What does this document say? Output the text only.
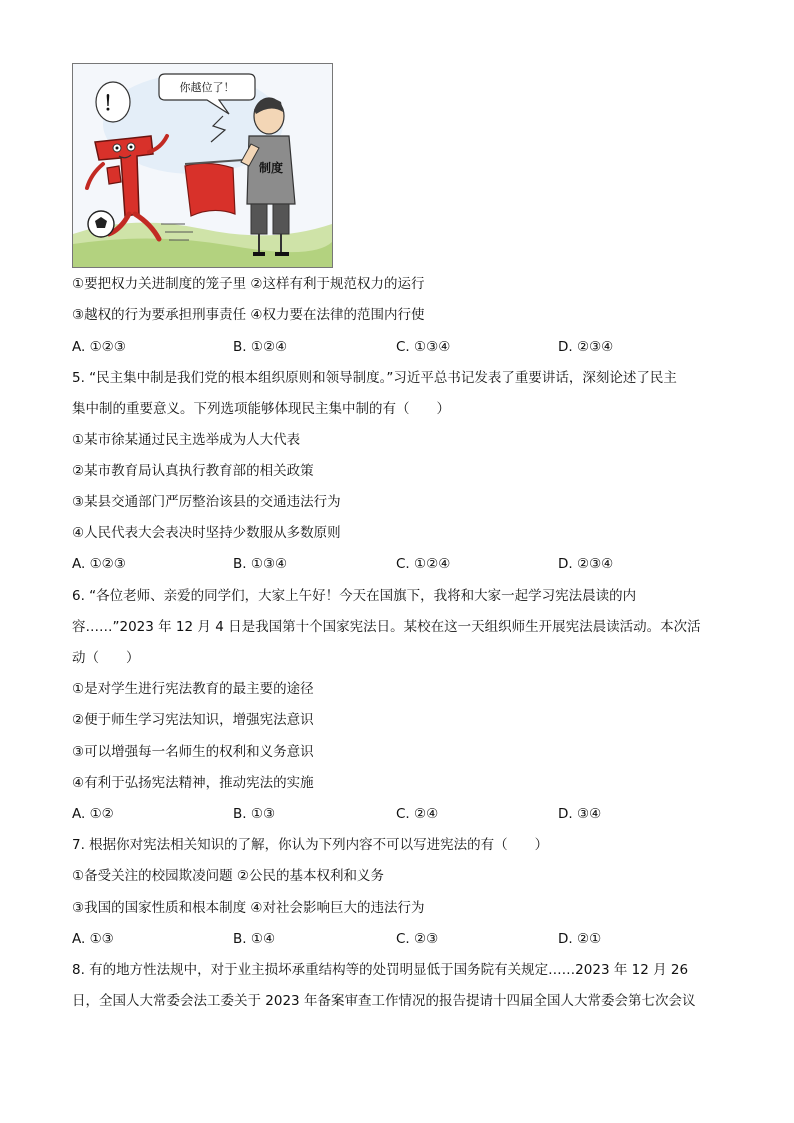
你越位了！
！
制度
①要把权力关进制度的笼子里 ②这样有利于规范权力的运行
③越权的行为要承担刑事责任 ④权力要在法律的范围内行使
A. ①②③	B. ①②④	C. ①③④	D. ②③④
5. “民主集中制是我们党的根本组织原则和领导制度。”习近平总书记发表了重要讲话，深刻论述了民主
集中制的重要意义。下列选项能够体现民主集中制的有（　　）
①某市徐某通过民主选举成为人大代表
②某市教育局认真执行教育部的相关政策
③某县交通部门严厉整治该县的交通违法行为
④人民代表大会表决时坚持少数服从多数原则
A. ①②③	B. ①③④	C. ①②④	D. ②③④
6. “各位老师、亲爱的同学们，大家上午好！今天在国旗下，我将和大家一起学习宪法晨读的内
容……”2023 年 12 月 4 日是我国第十个国家宪法日。某校在这一天组织师生开展宪法晨读活动。本次活
动（　　）
①是对学生进行宪法教育的最主要的途径
②便于师生学习宪法知识，增强宪法意识
③可以增强每一名师生的权利和义务意识
④有利于弘扬宪法精神，推动宪法的实施
A. ①②	B. ①③	C. ②④	D. ③④
7. 根据你对宪法相关知识的了解，你认为下列内容不可以写进宪法的有（　　）
①备受关注的校园欺凌问题 ②公民的基本权利和义务
③我国的国家性质和根本制度 ④对社会影响巨大的违法行为
A. ①③	B. ①④	C. ②③	D. ②①
8. 有的地方性法规中，对于业主损坏承重结构等的处罚明显低于国务院有关规定……2023 年 12 月 26
日，全国人大常委会法工委关于 2023 年备案审查工作情况的报告提请十四届全国人大常委会第七次会议
